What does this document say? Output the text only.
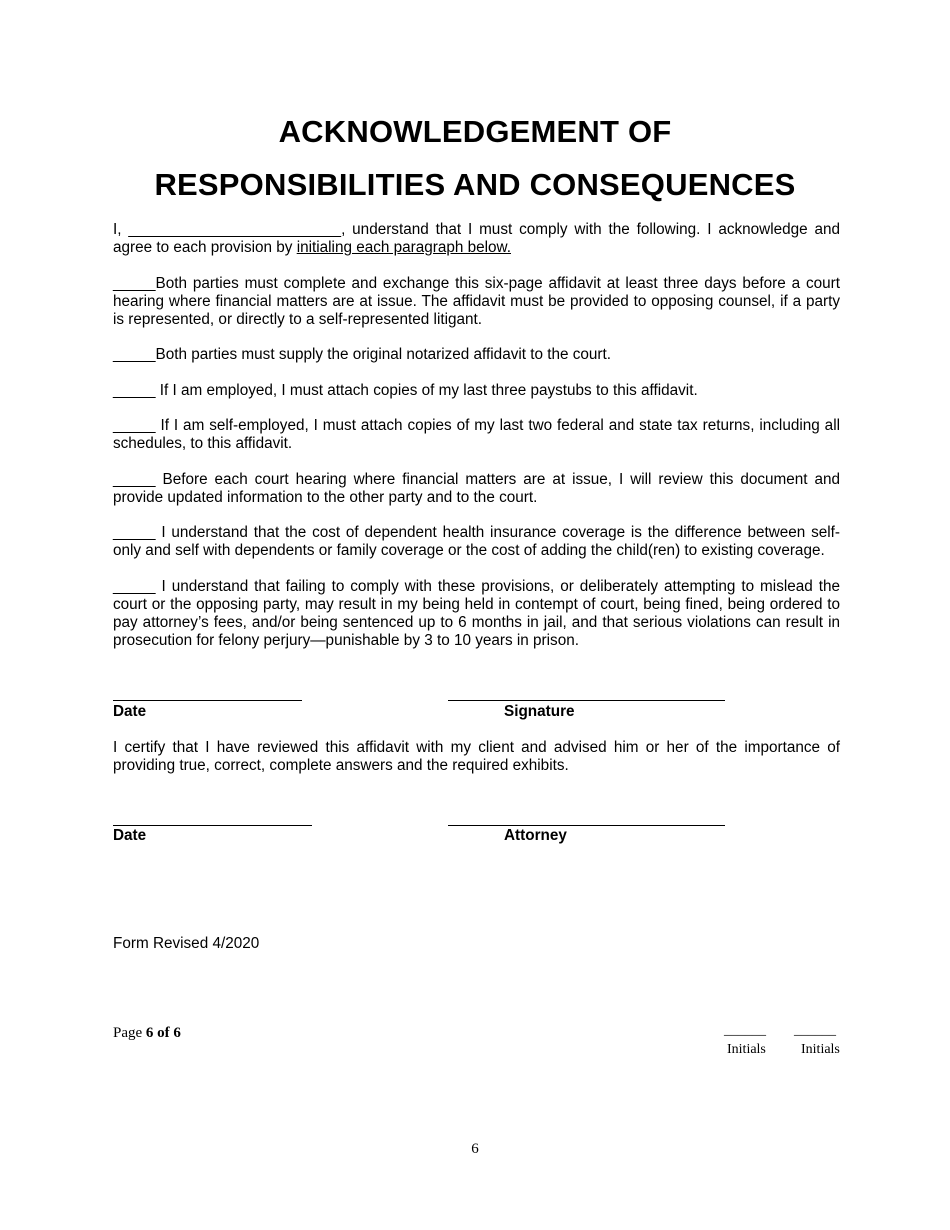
ACKNOWLEDGEMENT OF
RESPONSIBILITIES AND CONSEQUENCES

I, _________________________, understand that I must comply with the following. I acknowledge and agree to each provision by initialing each paragraph below.

_____Both parties must complete and exchange this six-page affidavit at least three days before a court hearing where financial matters are at issue. The affidavit must be provided to opposing counsel, if a party is represented, or directly to a self-represented litigant.

_____Both parties must supply the original notarized affidavit to the court.

_____ If I am employed, I must attach copies of my last three paystubs to this affidavit.

_____ If I am self-employed, I must attach copies of my last two federal and state tax returns, including all schedules, to this affidavit.

_____ Before each court hearing where financial matters are at issue, I will review this document and provide updated information to the other party and to the court.

_____ I understand that the cost of dependent health insurance coverage is the difference between self-only and self with dependents or family coverage or the cost of adding the child(ren) to existing coverage.

_____ I understand that failing to comply with these provisions, or deliberately attempting to mislead the court or the opposing party, may result in my being held in contempt of court, being fined, being ordered to pay attorney’s fees, and/or being sentenced up to 6 months in jail, and that serious violations can result in prosecution for felony perjury—punishable by 3 to 10 years in prison.

Date	Signature

I certify that I have reviewed this affidavit with my client and advised him or her of the importance of providing true, correct, complete answers and the required exhibits.

Date	Attorney
Form Revised 4/2020
Page 6 of 6	______ ______
Initials	Initials
6
